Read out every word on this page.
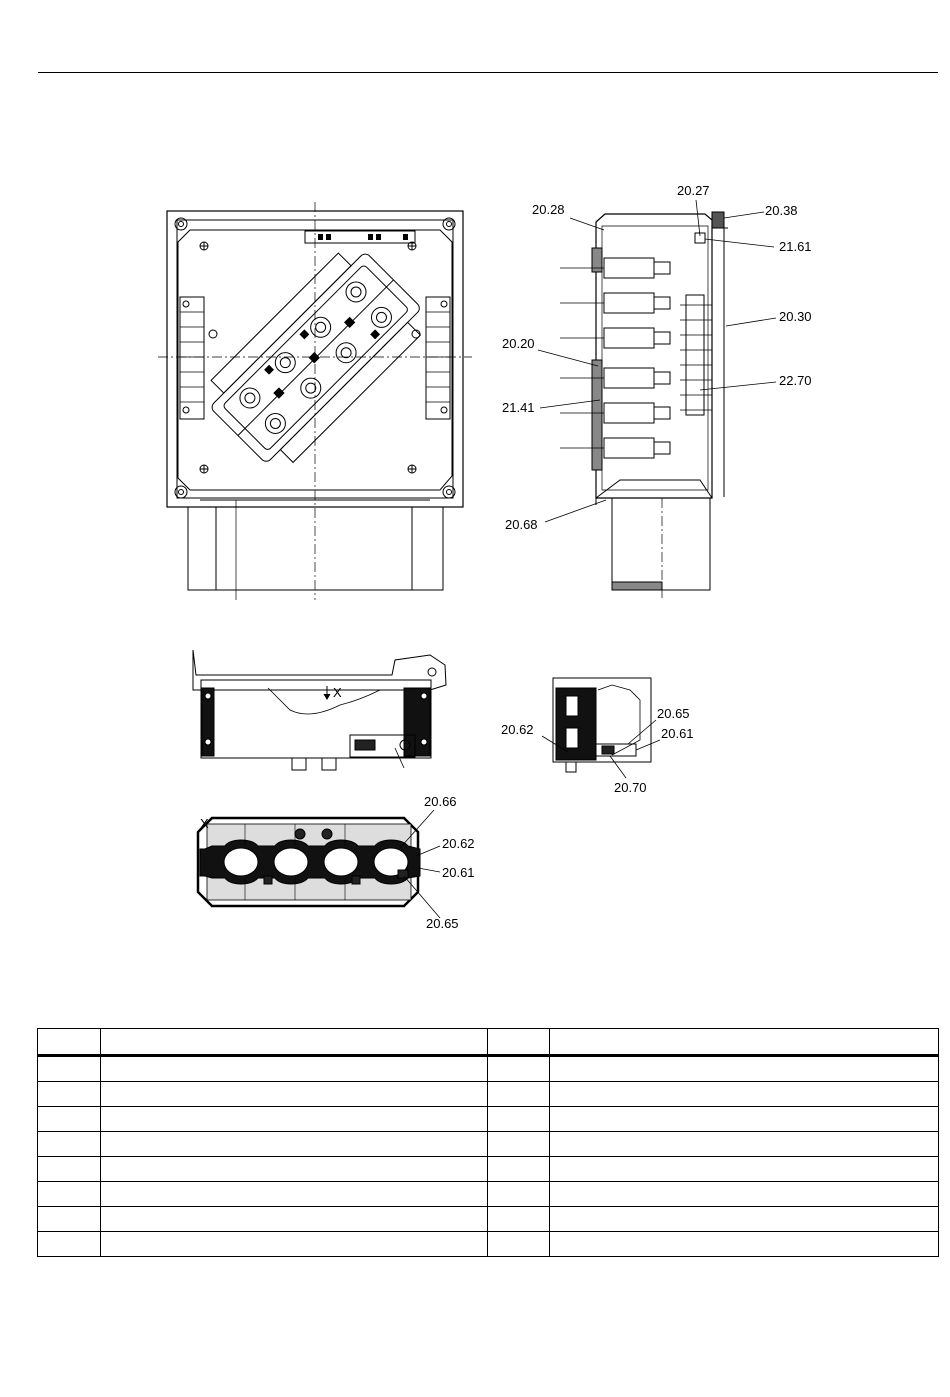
X
X
20.27
20.28	20.38
21.61
20.30
20.20
22.70
21.41
20.68
20.62
20.65
20.61
20.70
20.66
20.62
20.61
20.65
